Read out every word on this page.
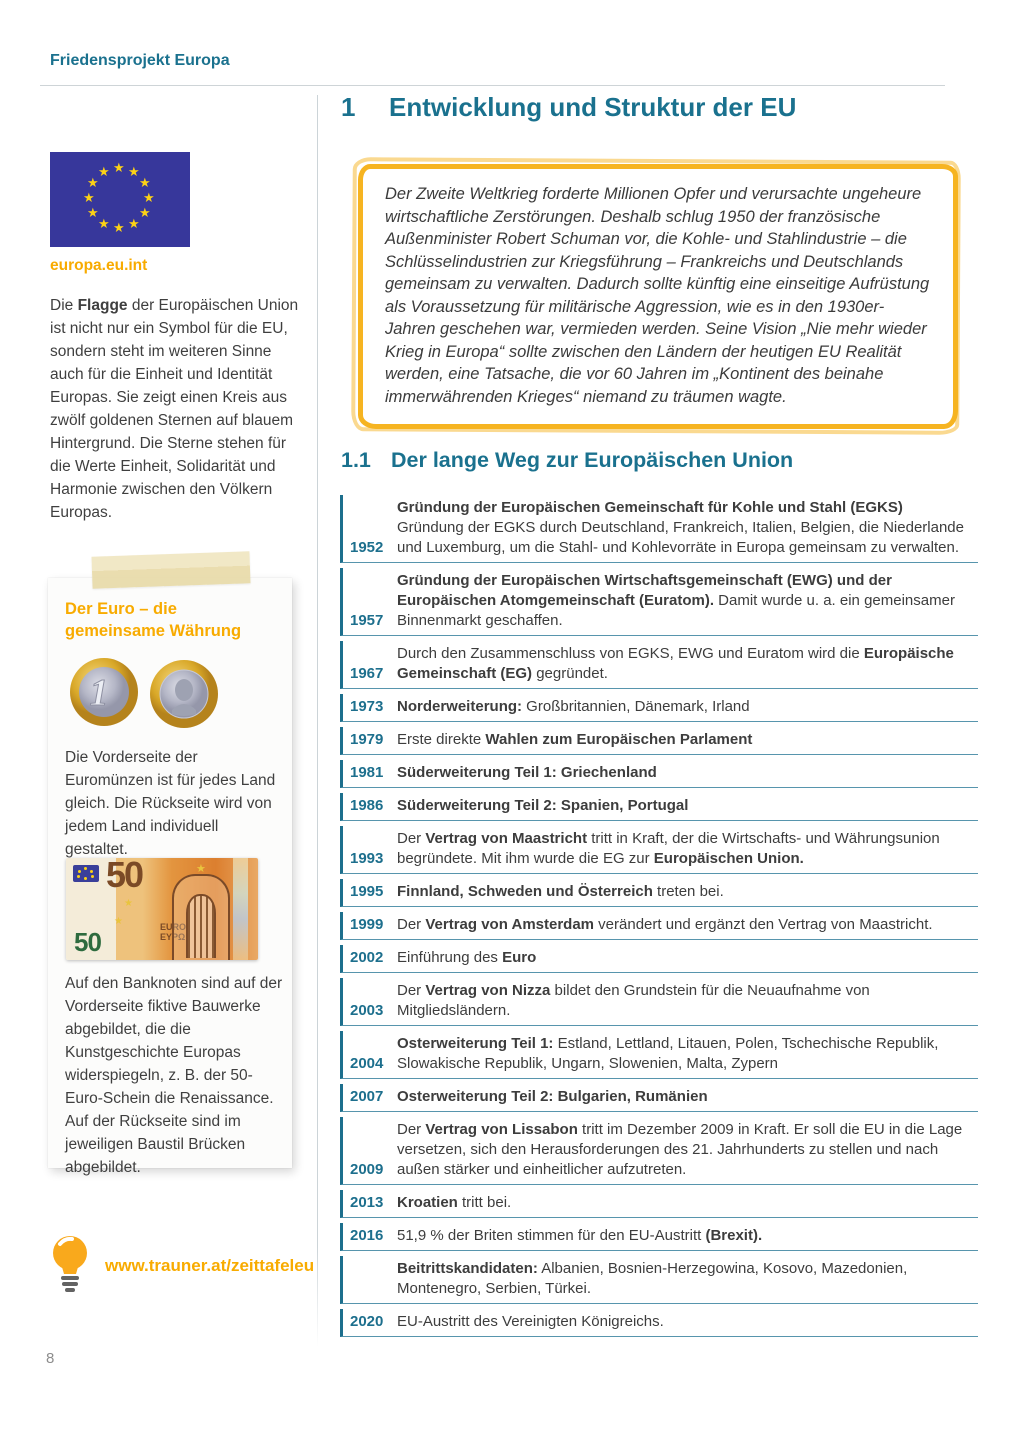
Friedensprojekt Europa
★ ★
★
★
★
★
★
★
★
★
★
★
europa.eu.int

Die Flagge der Europäischen Union ist nicht nur ein Symbol für die EU, sondern steht im weiteren Sinne auch für die Einheit und Identität Europas. Sie zeigt einen Kreis aus zwölf goldenen Sternen auf blauem Hintergrund. Die Sterne stehen für die Werte Einheit, Solidarität und Harmonie zwischen den Völkern Europas.

Der Euro – die gemeinsame Währung
1

Die Vorderseite der Euromünzen ist für jedes Land gleich. Die Rückseite wird von jedem Land individuell gestaltet.

50
★
★	EURO
EYPΩ
50
★

Auf den Banknoten sind auf der Vorderseite fiktive Bauwerke abgebildet, die die Kunstgeschichte Europas widerspiegeln, z. B. der 50-Euro-Schein die Renaissance. Auf der Rückseite sind im jeweiligen Baustil Brücken abgebildet.

www.trauner.at/zeittafeleu
8
1	Entwicklung und Struktur der EU
Der Zweite Weltkrieg forderte Millionen Opfer und verursachte ungeheure wirtschaftliche Zerstörungen. Deshalb schlug 1950 der französische Außenminister Robert Schuman vor, die Kohle- und Stahlindustrie – die Schlüsselindustrien zur Kriegsführung – Frankreichs und Deutschlands gemeinsam zu verwalten. Dadurch sollte künftig eine einseitige Aufrüstung als Voraussetzung für militärische Aggression, wie es in den 1930er-Jahren geschehen war, vermieden werden. Seine Vision „Nie mehr wieder Krieg in Europa“ sollte zwischen den Ländern der heutigen EU Realität werden, eine Tatsache, die vor 60 Jahren im „Kontinent des beinahe immerwährenden Krieges“ niemand zu träumen wagte.
1.1 Der lange Weg zur Europäischen Union
1952
Gründung der Europäischen Gemeinschaft für Kohle und Stahl (EGKS)
Gründung der EGKS durch Deutschland, Frankreich, Italien, Belgien, die Niederlande und Luxemburg, um die Stahl- und Kohlevorräte in Europa gemeinsam zu verwalten.
1957
Gründung der Europäischen Wirtschaftsgemeinschaft (EWG) und der Europäischen Atomgemeinschaft (Euratom). Damit wurde u. a. ein gemeinsamer Binnenmarkt geschaffen.
1967
Durch den Zusammenschluss von EGKS, EWG und Euratom wird die Europäische Gemeinschaft (EG) gegründet.
1973 Norderweiterung: Großbritannien, Dänemark, Irland
1979 Erste direkte Wahlen zum Europäischen Parlament
1981 Süderweiterung Teil 1: Griechenland
1986 Süderweiterung Teil 2: Spanien, Portugal
1993
Der Vertrag von Maastricht tritt in Kraft, der die Wirtschafts- und Währungsunion begründete. Mit ihm wurde die EG zur Europäischen Union.
1995 Finnland, Schweden und Österreich treten bei.
1999 Der Vertrag von Amsterdam verändert und ergänzt den Vertrag von Maastricht.
2002 Einführung des Euro
2003
Der Vertrag von Nizza bildet den Grundstein für die Neuaufnahme von Mitgliedsländern.
2004
Osterweiterung Teil 1: Estland, Lettland, Litauen, Polen, Tschechische Republik, Slowakische Republik, Ungarn, Slowenien, Malta, Zypern
2007 Osterweiterung Teil 2: Bulgarien, Rumänien
2009
Der Vertrag von Lissabon tritt im Dezember 2009 in Kraft. Er soll die EU in die Lage versetzen, sich den Herausforderungen des 21. Jahrhunderts zu stellen und nach außen stärker und einheitlicher aufzutreten.
2013 Kroatien tritt bei.
2016 51,9 % der Briten stimmen für den EU-Austritt (Brexit).
Beitrittskandidaten: Albanien, Bosnien-Herzegowina, Kosovo, Mazedonien, Montenegro, Serbien, Türkei.
2020 EU-Austritt des Vereinigten Königreichs.
